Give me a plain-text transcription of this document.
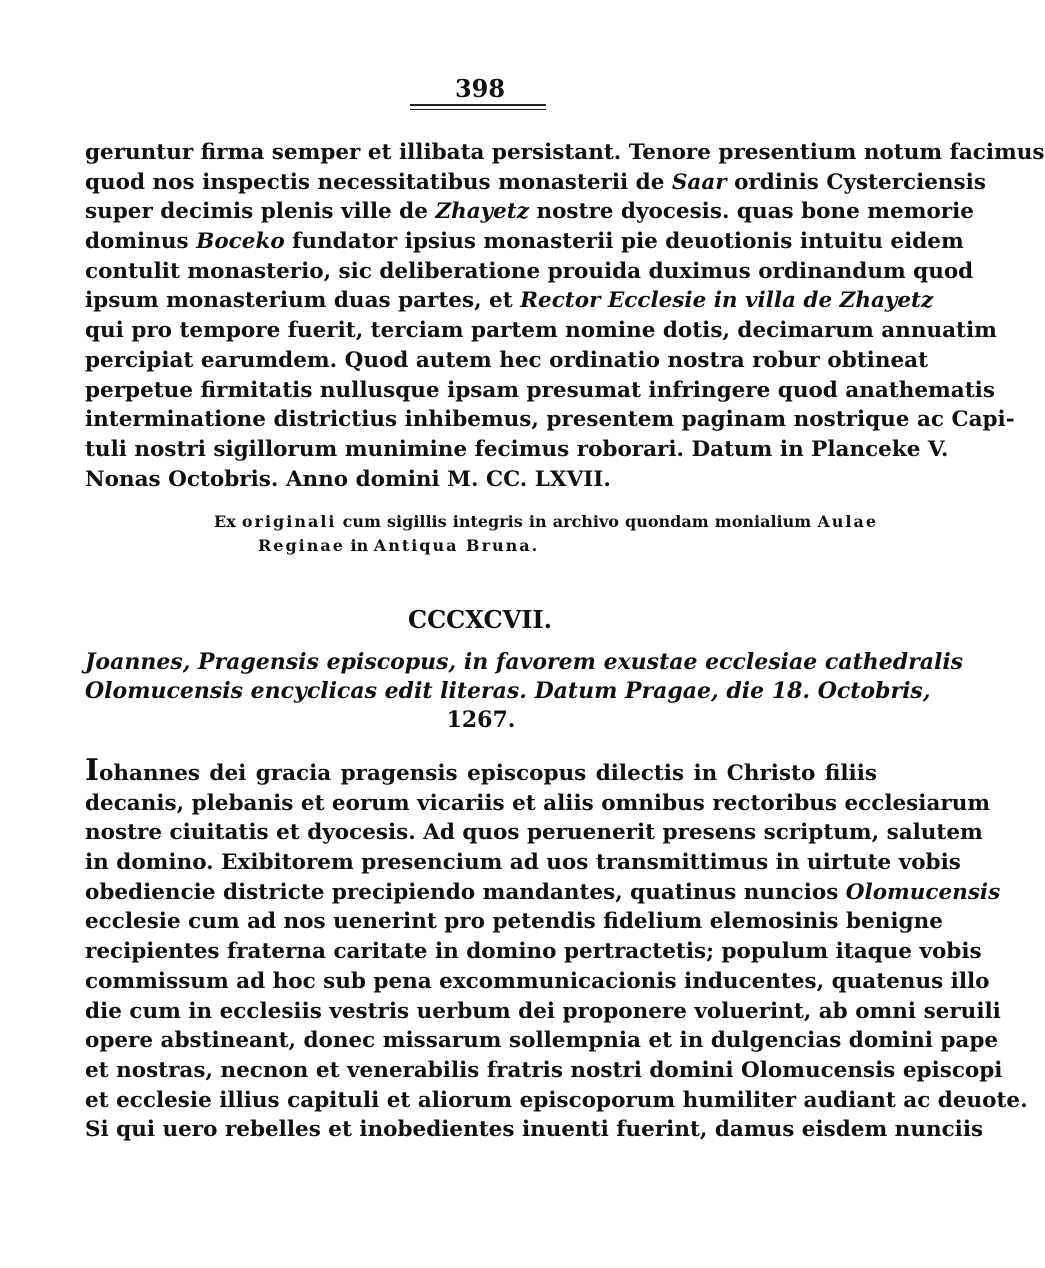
398
geruntur firma semper et illibata persistant. Tenore presentium notum facimus
quod nos inspectis necessitatibus monasterii de Saar ordinis Cysterciensis
super decimis plenis ville de Zhayetz nostre dyocesis. quas bone memorie
dominus Boceko fundator ipsius monasterii pie deuotionis intuitu eidem
contulit monasterio, sic deliberatione prouida duximus ordinandum quod
ipsum monasterium duas partes, et Rector Ecclesie in villa de Zhayetz
qui pro tempore fuerit, terciam partem nomine dotis, decimarum annuatim
percipiat earumdem. Quod autem hec ordinatio nostra robur obtineat
perpetue firmitatis nullusque ipsam presumat infringere quod anathematis
interminatione districtius inhibemus, presentem paginam nostrique ac Capi-
tuli nostri sigillorum munimine fecimus roborari. Datum in Planceke V.
Nonas Octobris. Anno domini M. CC. LXVII.
Ex originali cum sigillis integris in archivo quondam monialium Aulae
Reginae in Antiqua Bruna.
CCCXCVII.
Joannes, Pragensis episcopus, in favorem exustae ecclesiae cathedralis
Olomucensis encyclicas edit literas. Datum Pragae, die 18. Octobris,
1267.
Iohannes dei gracia pragensis episcopus dilectis in Christo filiis
decanis, plebanis et eorum vicariis et aliis omnibus rectoribus ecclesiarum
nostre ciuitatis et dyocesis. Ad quos peruenerit presens scriptum, salutem
in domino. Exibitorem presencium ad uos transmittimus in uirtute vobis
obediencie districte precipiendo mandantes, quatinus nuncios Olomucensis
ecclesie cum ad nos uenerint pro petendis fidelium elemosinis benigne
recipientes fraterna caritate in domino pertractetis; populum itaque vobis
commissum ad hoc sub pena excommunicacionis inducentes, quatenus illo
die cum in ecclesiis vestris uerbum dei proponere voluerint, ab omni seruili
opere abstineant, donec missarum sollempnia et in dulgencias domini pape
et nostras, necnon et venerabilis fratris nostri domini Olomucensis episcopi
et ecclesie illius capituli et aliorum episcoporum humiliter audiant ac deuote.
Si qui uero rebelles et inobedientes inuenti fuerint, damus eisdem nunciis
